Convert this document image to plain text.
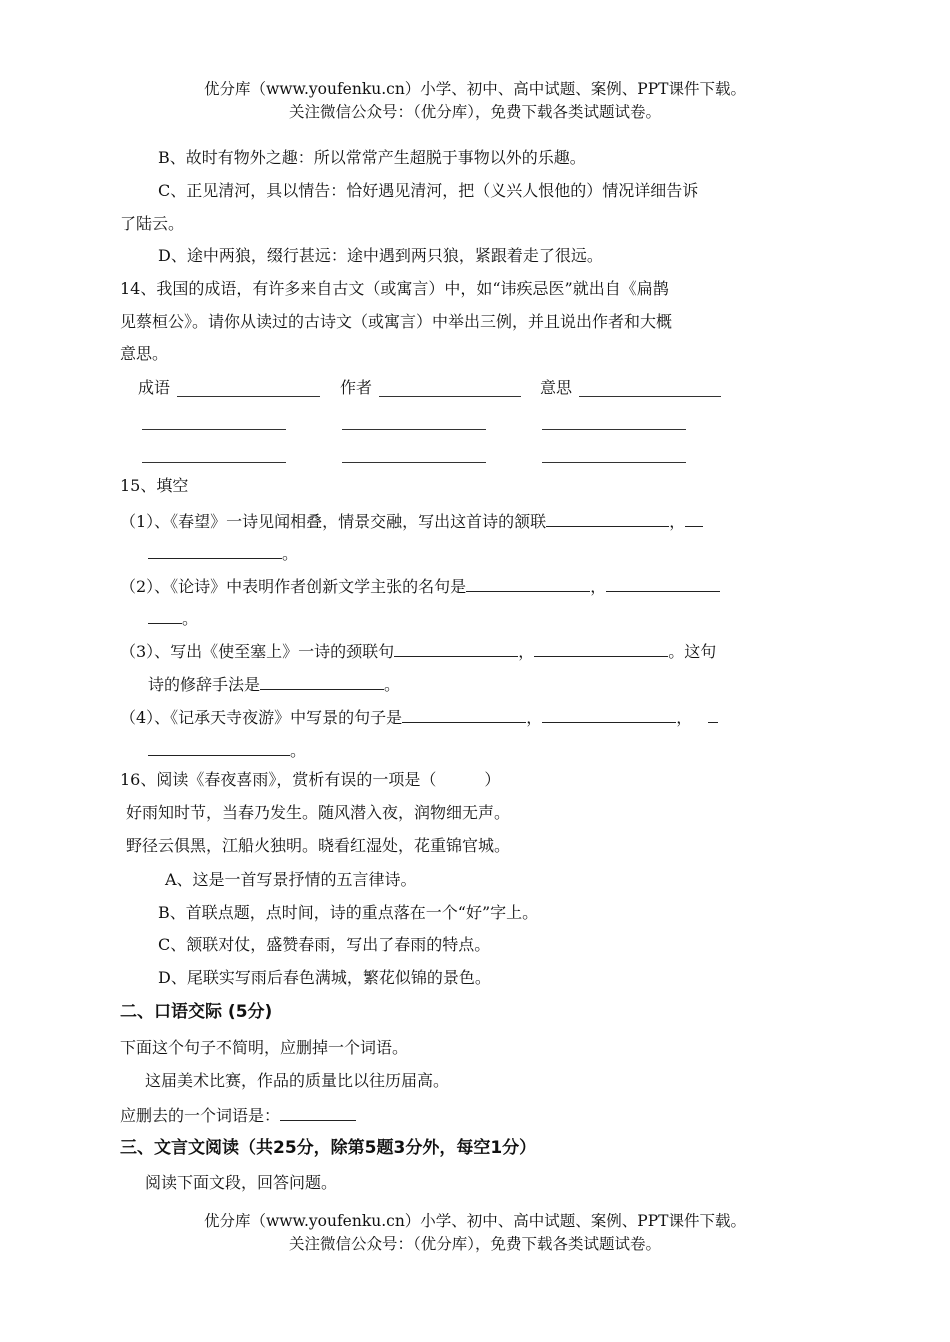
优分库（www.youfenku.cn）小学、初中、高中试题、案例、PPT课件下载。
关注微信公众号：（优分库），免费下载各类试题试卷。
B、故时有物外之趣：所以常常产生超脱于事物以外的乐趣。
C、正见清河，具以情告：恰好遇见清河，把（义兴人恨他的）情况详细告诉
了陆云。
D、途中两狼，缀行甚远：途中遇到两只狼，紧跟着走了很远。
14、我国的成语，有许多来自古文（或寓言）中，如“讳疾忌医”就出自《扁鹊
见蔡桓公》。请你从读过的古诗文（或寓言）中举出三例，并且说出作者和大概
意思。
成语	作者	意思
15、填空
（1）、《春望》一诗见闻相叠，情景交融，写出这首诗的颔联	，
。
（2）、《论诗》中表明作者创新文学主张的名句是	，
。
（3）、写出《使至塞上》一诗的颈联句	，	。这句
诗的修辞手法是	。
（4）、《记承天寺夜游》中写景的句子是	，	，
。
16、阅读《春夜喜雨》，赏析有误的一项是（　　　）
好雨知时节，当春乃发生。随风潜入夜，润物细无声。
野径云俱黑，江船火独明。晓看红湿处，花重锦官城。
A、这是一首写景抒情的五言律诗。
B、首联点题，点时间，诗的重点落在一个“好”字上。
C、颔联对仗，盛赞春雨，写出了春雨的特点。
D、尾联实写雨后春色满城，繁花似锦的景色。
二、口语交际 (5分)
下面这个句子不简明，应删掉一个词语。
这届美术比赛，作品的质量比以往历届高。
应删去的一个词语是：
三、文言文阅读（共25分，除第5题3分外，每空1分）
阅读下面文段，回答问题。
优分库（www.youfenku.cn）小学、初中、高中试题、案例、PPT课件下载。
关注微信公众号：（优分库），免费下载各类试题试卷。
